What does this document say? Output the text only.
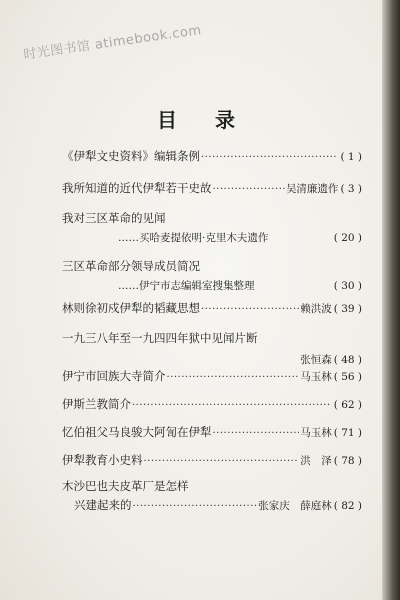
时光图书馆 atimebook.com
目录
《伊犁文史资料》编辑条例 ·····	( 1 )
我所知道的近代伊犁若干史故 ·····	吴清廉遗作 ( 3 )
我对三区革命的见闻
……买哈麦提依明·克里木夫遗作	( 20 )
三区革命部分领导成员简况
……伊宁市志编辑室搜集整理	( 30 )
林则徐初戍伊犁的韬藏思想 ·····	赖洪波 ( 39 )
一九三八年至一九四四年狱中见闻片断
张恒森 ( 48 )
伊宁市回族大寺简介 ·····	马玉林 ( 56 )
伊斯兰教简介 ·····	( 62 )
忆伯祖父马良骏大阿訇在伊犁 ·····	马玉林 ( 71 )
伊犁教育小史料 ·····	洪　泽 ( 78 )
木沙巴也夫皮革厂是怎样
兴建起来的 ·····	张家庆　薛庭林 ( 82 )
